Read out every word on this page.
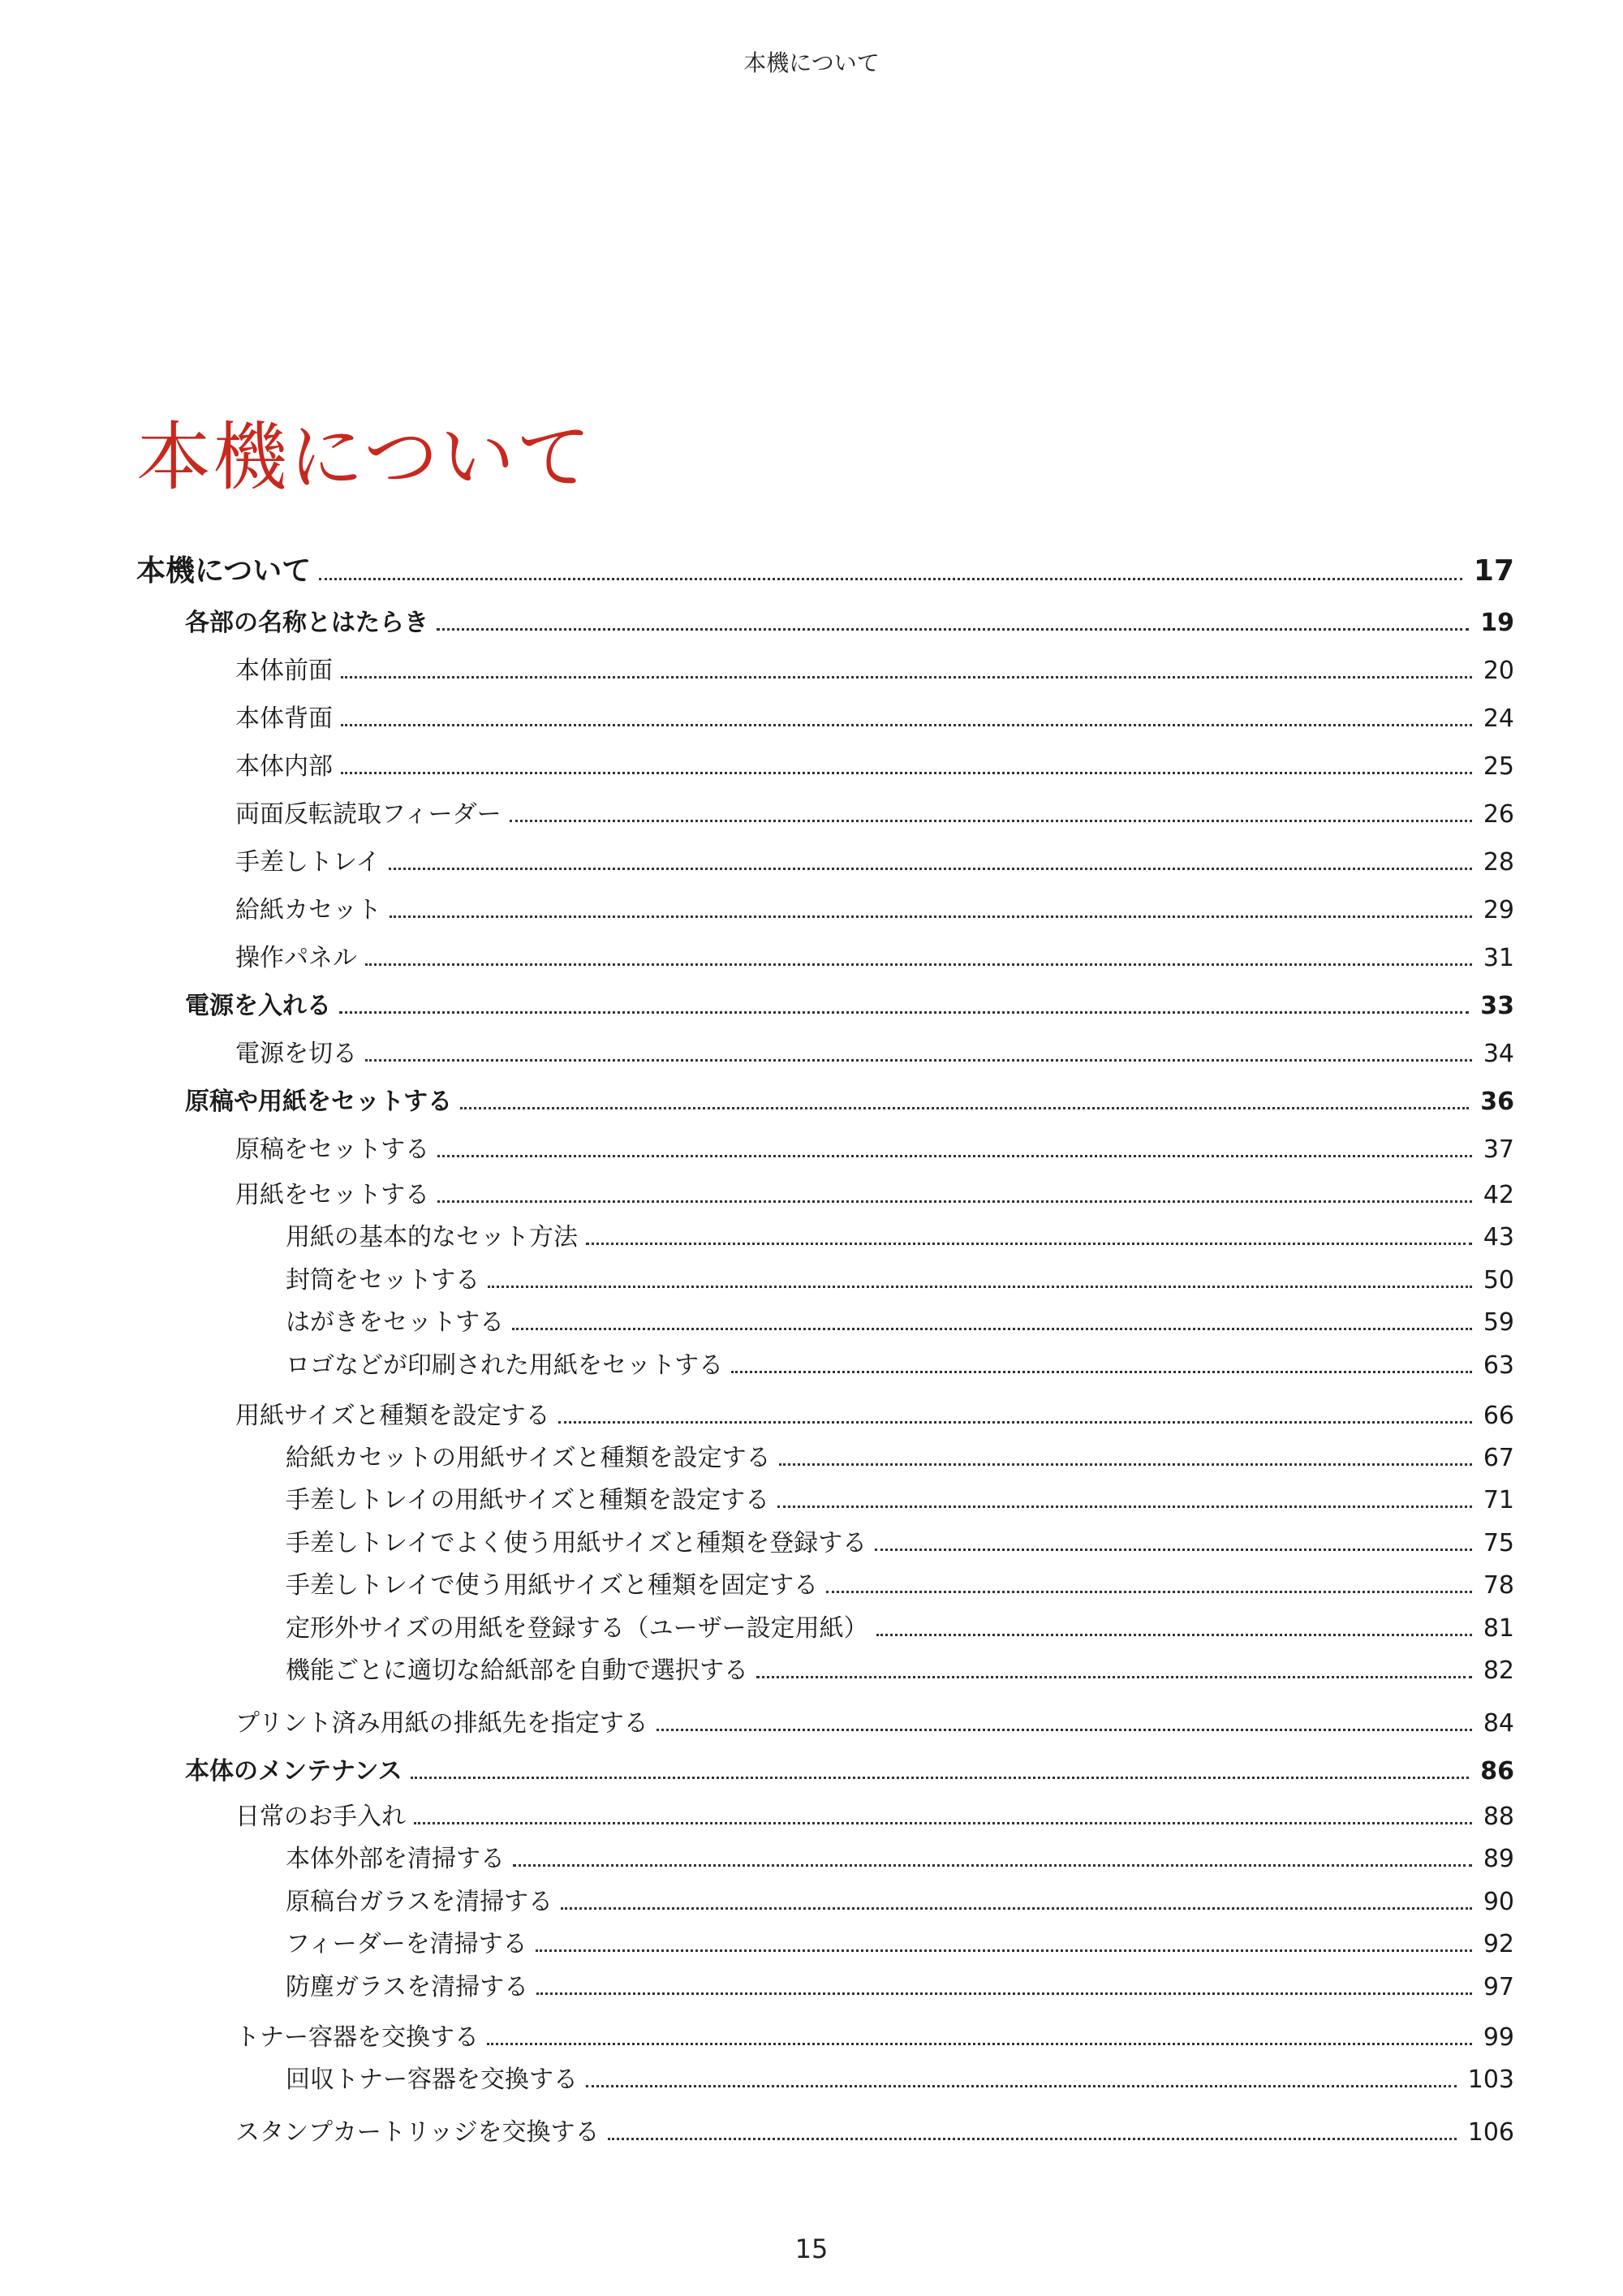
本機について
本機について
本機について	17
各部の名称とはたらき	19
本体前面	20
本体背面	24
本体内部	25
両面反転読取フィーダー	26
手差しトレイ	28
給紙カセット	29
操作パネル	31
電源を入れる	33
電源を切る	34
原稿や用紙をセットする	36
原稿をセットする	37
用紙をセットする	42
用紙の基本的なセット方法	43
封筒をセットする	50
はがきをセットする	59
ロゴなどが印刷された用紙をセットする	63
用紙サイズと種類を設定する	66
給紙カセットの用紙サイズと種類を設定する	67
手差しトレイの用紙サイズと種類を設定する	71
手差しトレイでよく使う用紙サイズと種類を登録する	75
手差しトレイで使う用紙サイズと種類を固定する	78
定形外サイズの用紙を登録する（ユーザー設定用紙）	81
機能ごとに適切な給紙部を自動で選択する	82
プリント済み用紙の排紙先を指定する	84
本体のメンテナンス	86
日常のお手入れ	88
本体外部を清掃する	89
原稿台ガラスを清掃する	90
フィーダーを清掃する	92
防塵ガラスを清掃する	97
トナー容器を交換する	99
回収トナー容器を交換する	103
スタンプカートリッジを交換する	106
15
